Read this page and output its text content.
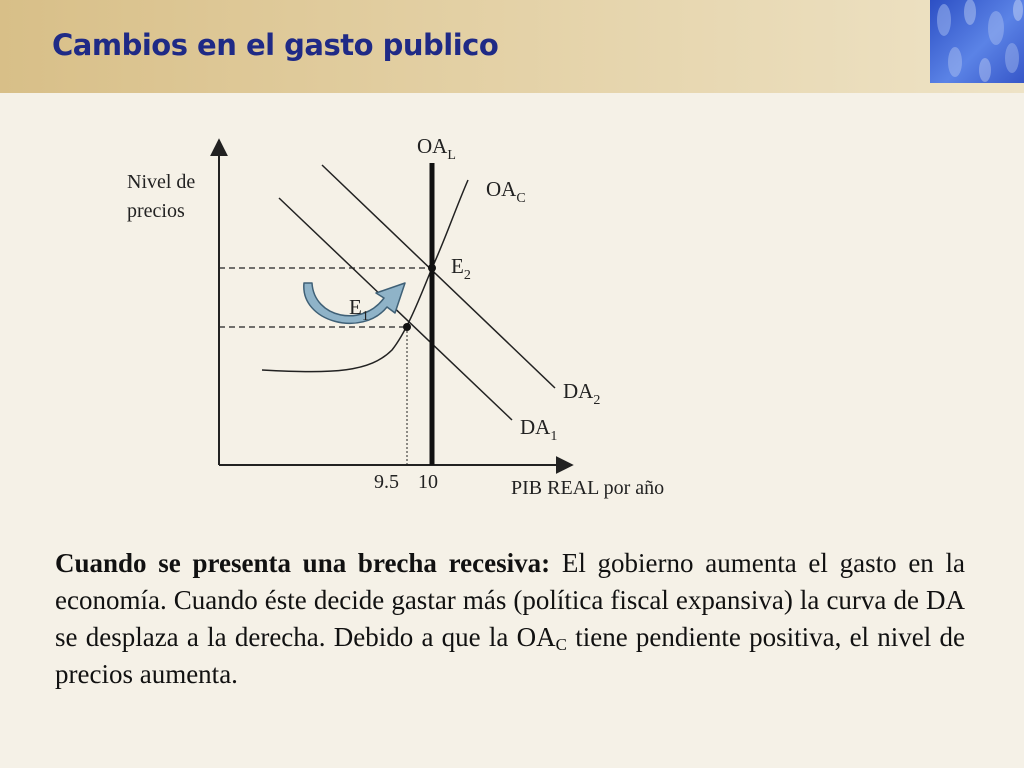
Cambios en el gasto publico
Nivel de
precios
$OA_L$
$OA_C$
$E_2$
$E_1$
$DA_2$
$DA_1$
9.5 10	PIB REAL por año

Cuando se presenta una brecha recesiva: El gobierno aumenta el gasto en la economía. Cuando éste decide gastar más (política fiscal expansiva) la curva de DA se desplaza a la derecha. Debido a que la $OA_C$ tiene pendiente positiva, el nivel de precios aumenta.
